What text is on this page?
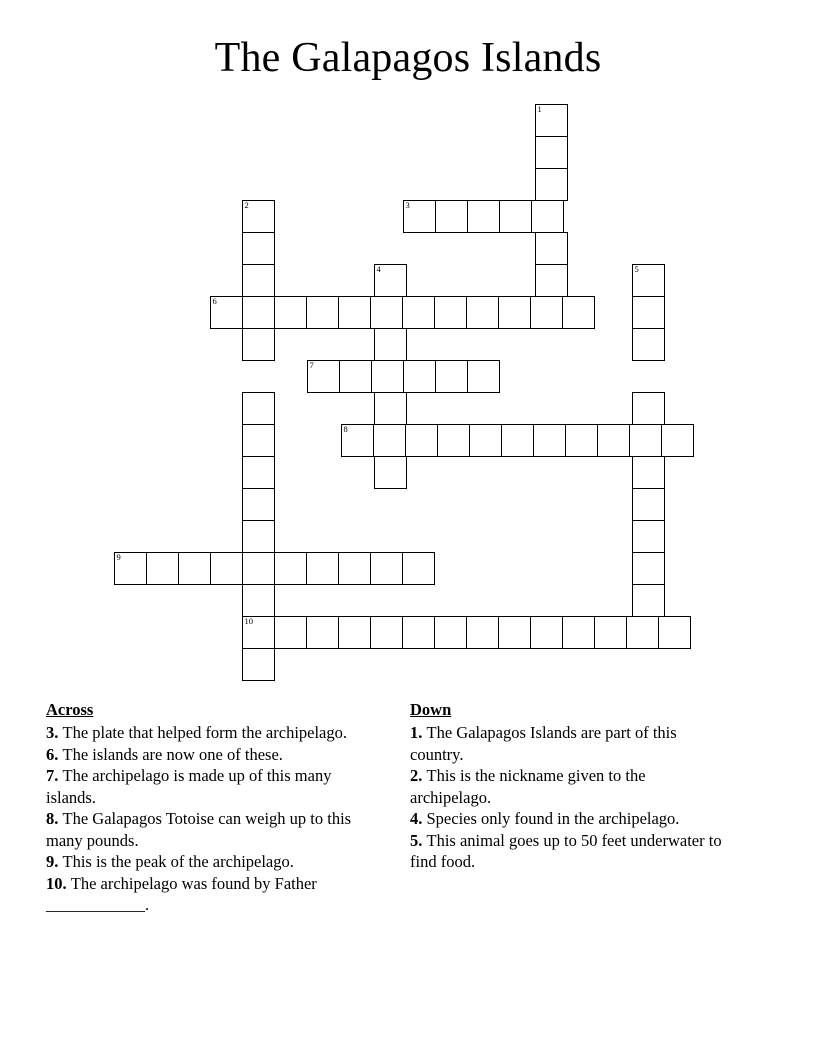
The Galapagos Islands
1
2	3
4	5
6
7
8
9
10
Across
3. The plate that helped form the archipelago.
6. The islands are now one of these.
7. The archipelago is made up of this many islands.
8. The Galapagos Totoise can weigh up to this many pounds.
9. This is the peak of the archipelago.
10. The archipelago was found by Father ____________.
Down
1. The Galapagos Islands are part of this country.
2. This is the nickname given to the archipelago.
4. Species only found in the archipelago.
5. This animal goes up to 50 feet underwater to find food.
